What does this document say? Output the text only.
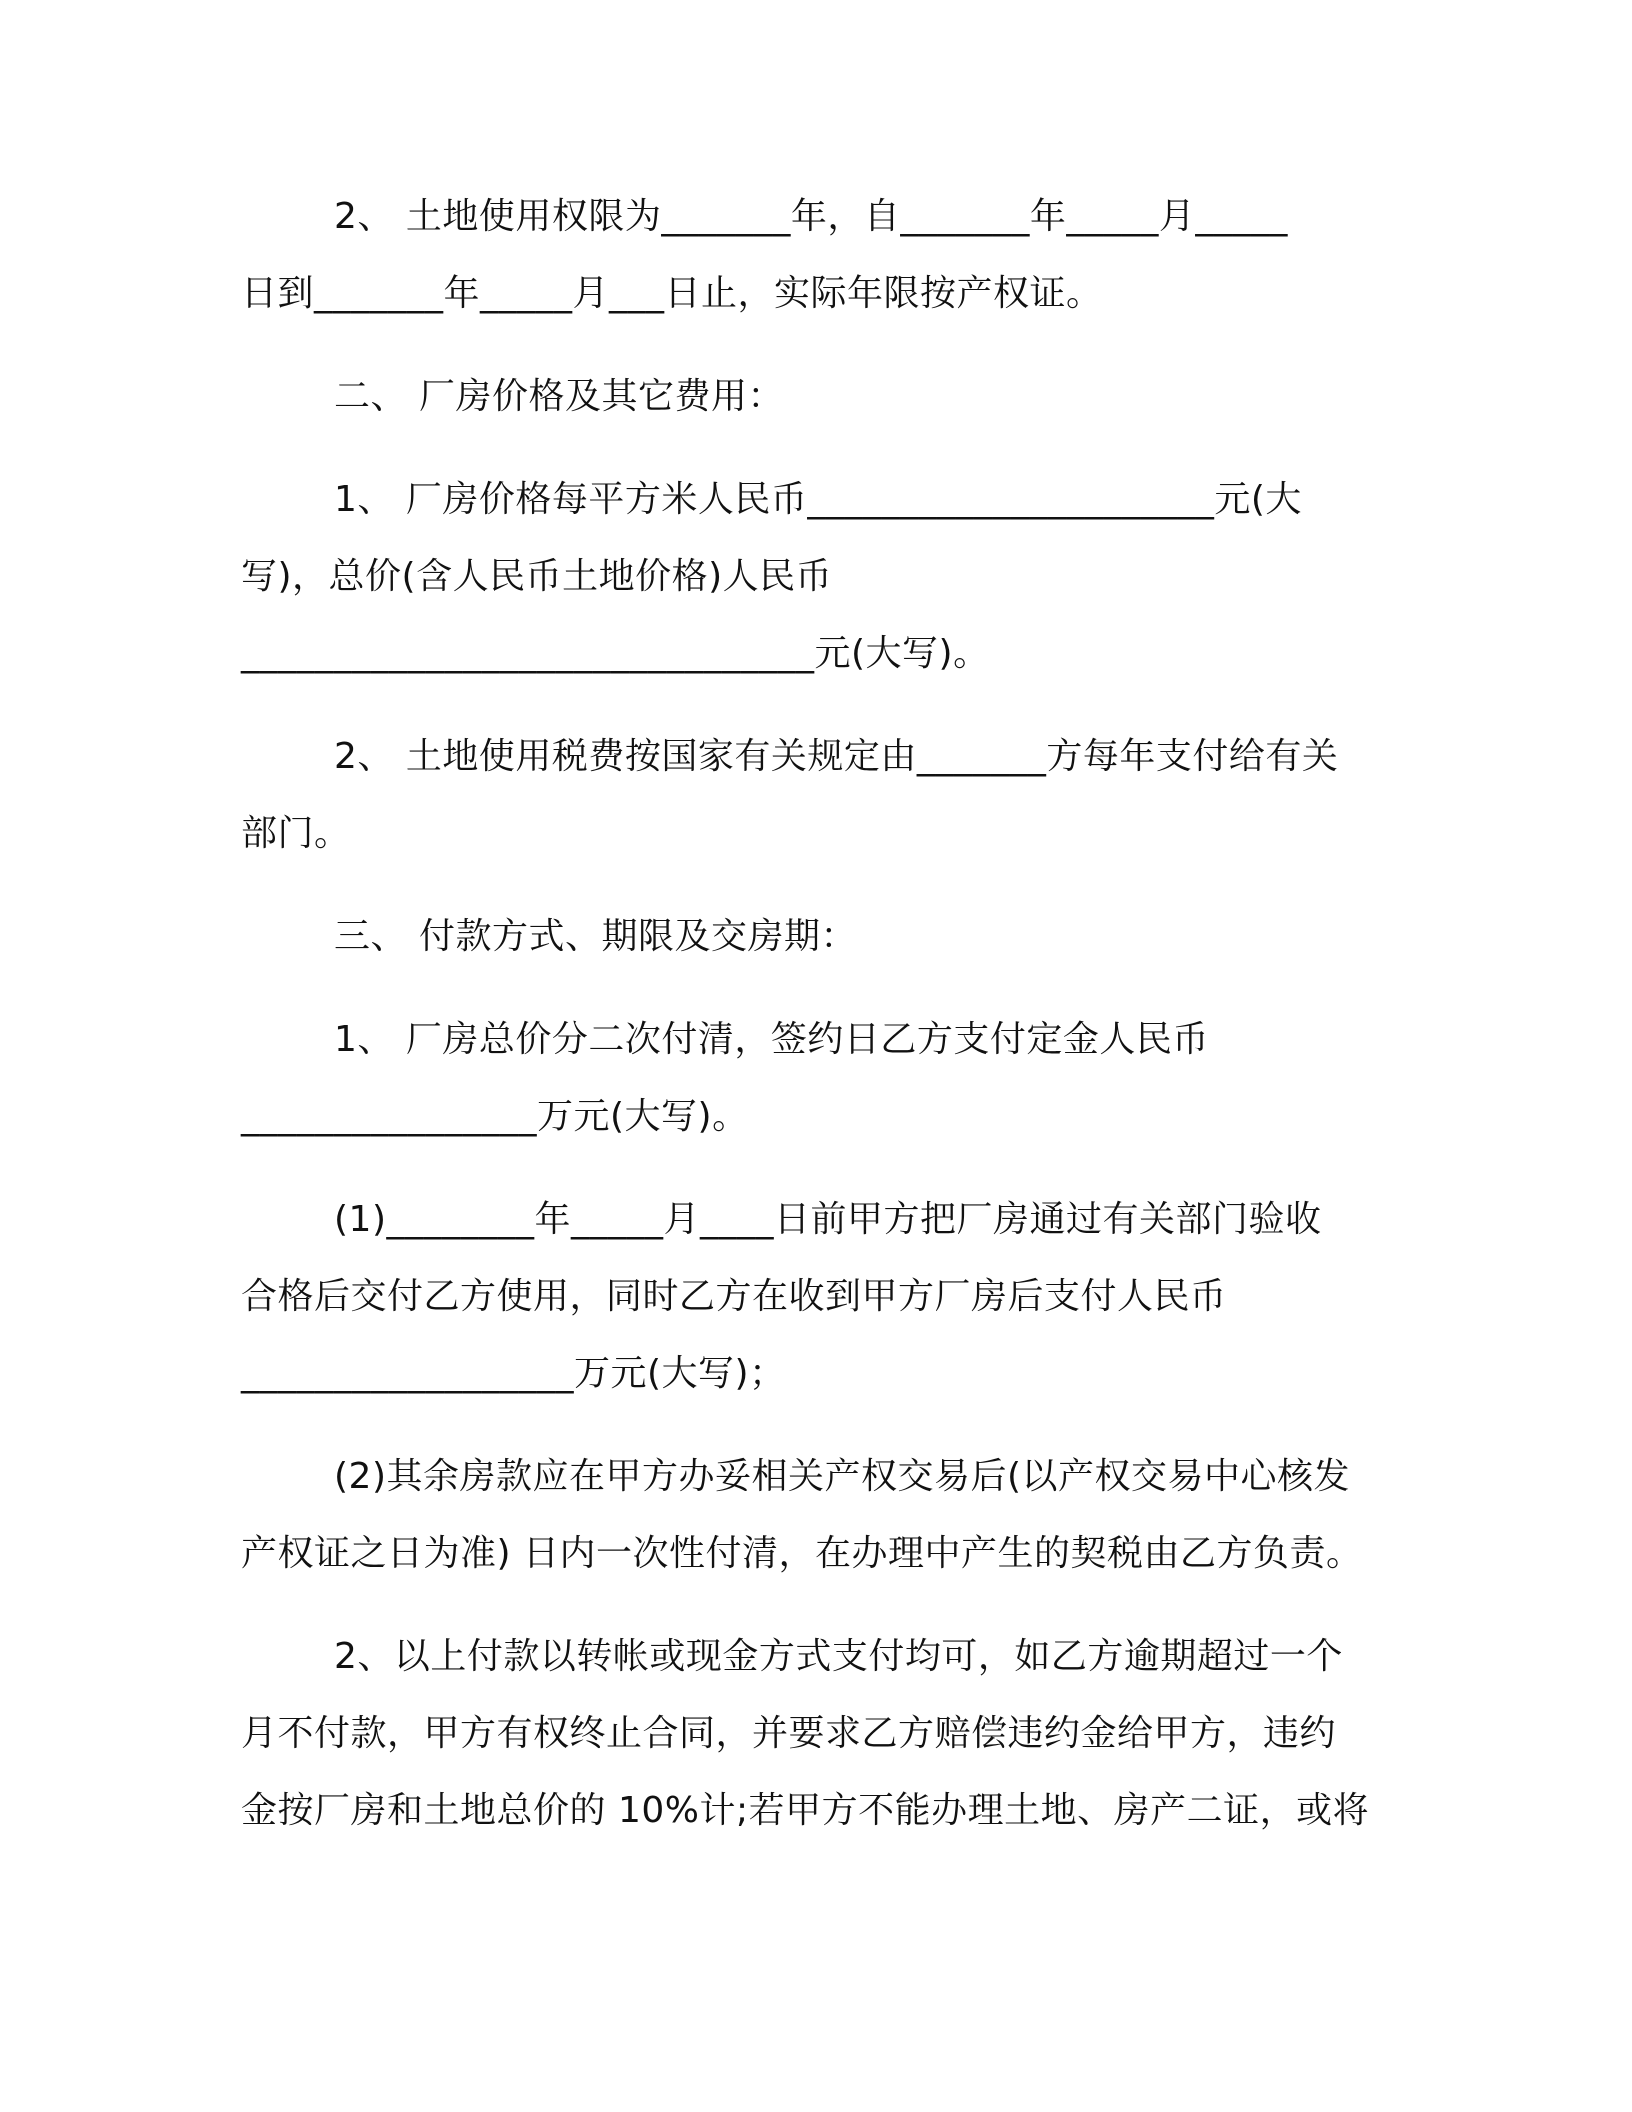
2、 土地使用权限为_______年，自_______年_____月_____

日到_______年_____月___日止，实际年限按产权证。

二、 厂房价格及其它费用：

1、 厂房价格每平方米人民币______________________元(大

写)，总价(含人民币土地价格)人民币

_______________________________元(大写)。

2、 土地使用税费按国家有关规定由_______方每年支付给有关

部门。

三、 付款方式、期限及交房期：

1、 厂房总价分二次付清，签约日乙方支付定金人民币

________________万元(大写)。

(1)________年_____月____日前甲方把厂房通过有关部门验收

合格后交付乙方使用，同时乙方在收到甲方厂房后支付人民币

__________________万元(大写)；

(2)其余房款应在甲方办妥相关产权交易后(以产权交易中心核发

产权证之日为准) 日内一次性付清，在办理中产生的契税由乙方负责。

2、以上付款以转帐或现金方式支付均可，如乙方逾期超过一个

月不付款，甲方有权终止合同，并要求乙方赔偿违约金给甲方，违约

金按厂房和土地总价的 10%计;若甲方不能办理土地、房产二证，或将
